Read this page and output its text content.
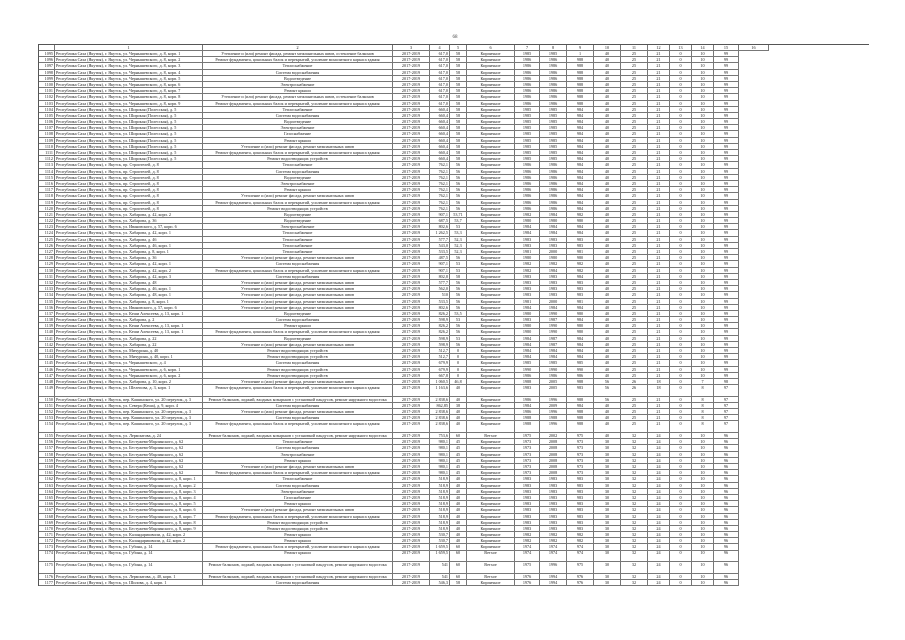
68
1	2	3	4	5	6	7	8	9	10	11	12	13	14	15	16
1095 Республика Саха (Якутия), г. Якутск, ул. Чернышевского, д. 8, корп. 1	Утепление и (или) ремонт фасада, ремонт межпанельных швов, остекление балконов	2017-2019	617,0	58	Кирпичное	1985	1985	1	40	25	21	0	10	99
1096 Республика Саха (Якутия), г. Якутск, ул. Чернышевского, д. 8, корп. 2	Ремонт фундамента, цокольных балок и перекрытий, усиление монолитного каркаса здания	2017-2019	617,0	58	Кирпичное	1986	1986	988	40	25	21	0	10	99
1097 Республика Саха (Якутия), г. Якутск, ул. Чернышевского, д. 8, корп. 3	Теплоснабжение	2017-2019	617,0	58	Кирпичное	1986	1986	988	40	25	21	0	10	99
1098 Республика Саха (Якутия), г. Якутск, ул. Чернышевского, д. 8, корп. 4	Система водоснабжения	2017-2019	617,0	58	Кирпичное	1986	1986	988	40	25	21	0	10	99
1099 Республика Саха (Якутия), г. Якутск, ул. Чернышевского, д. 8, корп. 5	Водоотведение	2017-2019	617,0	58	Кирпичное	1986	1986	988	40	25	21	0	10	99
1100 Республика Саха (Якутия), г. Якутск, ул. Чернышевского, д. 8, корп. 6	Электроснабжение	2017-2019	617,0	58	Кирпичное	1986	1986	988	40	25	21	0	10	99
1101 Республика Саха (Якутия), г. Якутск, ул. Чернышевского, д. 8, корп. 7	Ремонт крыши	2017-2019	617,0	58	Кирпичное	1986	1986	988	40	25	21	0	10	99
1102 Республика Саха (Якутия), г. Якутск, ул. Чернышевского, д. 8, корп. 8	Утепление и (или) ремонт фасада, ремонт межпанельных швов, остекление балконов	2017-2019	617,0	58	Кирпичное	1986	1986	988	40	25	21	0	10	99
1103 Республика Саха (Якутия), г. Якутск, ул. Чернышевского, д. 8, корп. 9	Ремонт фундамента, цокольных балок и перекрытий, усиление монолитного каркаса здания	2017-2019	617,0	58	Кирпичное	1986	1986	988	40	25	21	0	10	99
1104 Республика Саха (Якутия), г. Якутск, ул. Широкая (Полесская), д. 5	Теплоснабжение	2017-2019	660,4	58	Кирпичное	1985	1985	984	40	25	21	0	10	99
1105 Республика Саха (Якутия), г. Якутск, ул. Широкая (Полесская), д. 5	Система водоснабжения	2017-2019	660,4	58	Кирпичное	1985	1985	984	40	25	21	0	10	99
1106 Республика Саха (Якутия), г. Якутск, ул. Широкая (Полесская), д. 5	Водоотведение	2017-2019	660,4	58	Кирпичное	1985	1985	984	40	25	21	0	10	99
1107 Республика Саха (Якутия), г. Якутск, ул. Широкая (Полесская), д. 5	Электроснабжение	2017-2019	660,4	58	Кирпичное	1985	1985	984	40	25	21	0	10	99
1108 Республика Саха (Якутия), г. Якутск, ул. Широкая (Полесская), д. 5	Газоснабжение	2017-2019	660,4	58	Кирпичное	1985	1985	984	40	25	21	0	10	99
1109 Республика Саха (Якутия), г. Якутск, ул. Широкая (Полесская), д. 5	Ремонт крыши	2017-2019	660,4	58	Кирпичное	1985	1985	984	40	25	21	0	10	99
1110 Республика Саха (Якутия), г. Якутск, ул. Широкая (Полесская), д. 5	Утепление и (или) ремонт фасада, ремонт межпанельных швов	2017-2019	660,4	58	Кирпичное	1985	1985	984	40	25	21	0	10	99
1111 Республика Саха (Якутия), г. Якутск, ул. Широкая (Полесская), д. 5	Ремонт фундамента, цокольных балок и перекрытий, усиление монолитного каркаса здания	2017-2019	660,4	58	Кирпичное	1985	1985	984	40	25	21	0	10	99
1112 Республика Саха (Якутия), г. Якутск, ул. Широкая (Полесская), д. 5	Ремонт водоотводящих устройств	2017-2019	660,4	58	Кирпичное	1985	1985	984	40	25	21	0	10	99
1113 Республика Саха (Якутия), г. Якутск, пр. Строителей, д. 8	Теплоснабжение	2017-2019	762,1	56	Кирпичное	1986	1986	984	40	25	21	0	10	99
1114 Республика Саха (Якутия), г. Якутск, пр. Строителей, д. 8	Система водоснабжения	2017-2019	762,1	56	Кирпичное	1986	1986	984	40	25	21	0	10	99
1115 Республика Саха (Якутия), г. Якутск, пр. Строителей, д. 8	Водоотведение	2017-2019	762,1	56	Кирпичное	1986	1986	984	40	25	21	0	10	99
1116 Республика Саха (Якутия), г. Якутск, пр. Строителей, д. 8	Электроснабжение	2017-2019	762,1	56	Кирпичное	1986	1986	984	40	25	21	0	10	99
1117 Республика Саха (Якутия), г. Якутск, пр. Строителей, д. 8	Ремонт крыши	2017-2019	762,1	56	Кирпичное	1986	1986	984	40	25	21	0	10	99
1118 Республика Саха (Якутия), г. Якутск, пр. Строителей, д. 8	Утепление и (или) ремонт фасада, ремонт межпанельных швов	2017-2019	762,1	56	Кирпичное	1986	1986	984	40	25	21	0	10	99
1119 Республика Саха (Якутия), г. Якутск, пр. Строителей, д. 8	Ремонт фундамента, цокольных балок и перекрытий, усиление монолитного каркаса здания	2017-2019	762,1	56	Кирпичное	1986	1986	984	40	25	21	0	10	99
1120 Республика Саха (Якутия), г. Якутск, пр. Строителей, д. 8	Ремонт водоотводящих устройств	2017-2019	762,1	56	Кирпичное	1986	1986	984	40	25	21	0	10	99
1121 Республика Саха (Якутия), г. Якутск, ул. Хабарова, д. 42, корп. 2	Водоотведение	2017-2019	907,1	53,71	Кирпичное	1982	1984	982	40	25	21	0	10	99
1122 Республика Саха (Якутия), г. Якутск, ул. Хабарова, д. 36	Водоотведение	2017-2019	687,5	53,7	Кирпичное	1980	1980	980	40	25	21	0	10	99
1123 Республика Саха (Якутия), г. Якутск, ул. Ивановского, д. 57, корп. 6	Электроснабжение	2017-2019	802,6	53	Кирпичное	1984	1984	984	40	25	21	0	10	99
1124 Республика Саха (Якутия), г. Якутск, ул. Хабарова, д. 42, корп. 1	Теплоснабжение	2017-2019	1 262,5	53,3	Кирпичное	1984	1984	984	40	25	21	0	10	99
1125 Республика Саха (Якутия), г. Якутск, ул. Хабарова, д. 46	Теплоснабжение	2017-2019	577,7	52,3	Кирпичное	1983	1983	983	40	25	21	0	10	99
1126 Республика Саха (Якутия), г. Якутск, ул. Хабарова, д. 46, корп. 1	Теплоснабжение	2017-2019	543,0	52,3	Кирпичное	1983	1983	983	40	25	21	0	10	99
1127 Республика Саха (Якутия), г. Якутск, ул. Хабарова, д. 8, корп. 1	Теплоснабжение	2017-2019	533,5	52,3	Кирпичное	1981	2000	981	40	25	21	0	10	99
1128 Республика Саха (Якутия), г. Якутск, ул. Хабарова, д. 36	Утепление и (или) ремонт фасада, ремонт межпанельных швов	2017-2019	487,5	56	Кирпичное	1980	1980	980	40	25	21	0	10	99
1129 Республика Саха (Якутия), г. Якутск, ул. Хабарова, д. 42, корп. 1	Система водоснабжения	2017-2019	907,1	53	Кирпичное	1982	1982	982	40	25	21	0	10	99
1130 Республика Саха (Якутия), г. Якутск, ул. Хабарова, д. 42, корп. 2	Ремонт фундамента, цокольных балок и перекрытий, усиление монолитного каркаса здания	2017-2019	907,1	53	Кирпичное	1982	1984	982	40	25	21	0	10	99
1131 Республика Саха (Якутия), г. Якутск, ул. Хабарова, д. 42, корп. 3	Система водоснабжения	2017-2019	802,8	58	Кирпичное	1983	1983	984	40	25	21	0	10	99
1132 Республика Саха (Якутия), г. Якутск, ул. Хабарова, д. 48	Утепление и (или) ремонт фасада, ремонт межпанельных швов	2017-2019	577,7	56	Кирпичное	1983	1983	983	40	25	21	0	10	99
1133 Республика Саха (Якутия), г. Якутск, ул. Хабарова, д. 46, корп. 1	Утепление и (или) ремонт фасада, ремонт межпанельных швов	2017-2019	562,0	56	Кирпичное	1983	1983	983	40	25	21	0	10	99
1134 Республика Саха (Якутия), г. Якутск, ул. Хабарова, д. 48, корп. 1	Утепление и (или) ремонт фасада, ремонт межпанельных швов	2017-2019	510	56	Кирпичное	1983	1983	983	40	25	21	0	10	99
1135 Республика Саха (Якутия), г. Якутск, ул. Хабарова, д. 8, корп. 1	Утепление и (или) ремонт фасада, ремонт межпанельных швов	2017-2019	533,5	56	Кирпичное	1981	2000	981	40	25	21	0	10	99
1136 Республика Саха (Якутия), г. Якутск, ул. Ивановского, д. 57, корп. 6	Утепление и (или) ремонт фасада, ремонт межпанельных швов	2017-2019	802,6	56	Кирпичное	1984	1984	984	40	25	21	0	10	99
1137 Республика Саха (Якутия), г. Якутск, ул. Кеши Алексеева, д. 13, корп. 1	Водоотведение	2017-2019	826,2	53,5	Кирпичное	1980	1990	980	40	25	21	0	10	99
1138 Республика Саха (Якутия), г. Якутск, ул. Хабарова, д. 2	Система водоснабжения	2017-2019	598,9	53	Кирпичное	1983	1987	984	40	25	21	0	10	99
1139 Республика Саха (Якутия), г. Якутск, ул. Кеши Алексеева, д. 13, корп. 1	Ремонт крыши	2017-2019	826,2	56	Кирпичное	1980	1990	980	40	25	21	0	10	99
1140 Республика Саха (Якутия), г. Якутск, ул. Кеши Алексеева, д. 13, корп. 1	Ремонт фундамента, цокольных балок и перекрытий, усиление монолитного каркаса здания	2017-2019	826,2	56	Кирпичное	1980	1990	980	40	25	21	0	10	99
1141 Республика Саха (Якутия), г. Якутск, ул. Хабарова, д. 22	Водоотведение	2017-2019	598,9	53	Кирпичное	1984	1987	984	40	25	21	0	10	99
1142 Республика Саха (Якутия), г. Якутск, ул. Хабарова, д. 22	Утепление и (или) ремонт фасада, ремонт межпанельных швов	2017-2019	598,9	56	Кирпичное	1984	1987	984	40	25	21	0	10	99
1143 Республика Саха (Якутия), г. Якутск, ул. Мичурина, д. 40	Ремонт водоотводящих устройств	2017-2019	512,7	0	Кирпичное	1984	1984	984	40	25	21	0	10	99
1144 Республика Саха (Якутия), г. Якутск, ул. Мичурина, д. 40, корп. 1	Ремонт водоотводящих устройств	2017-2019	512,7	0	Кирпичное	1984	1984	984	40	25	21	0	10	99
1145 Республика Саха (Якутия), г. Якутск, ул. Чернышевского, д. 4	Система водоснабжения	2017-2019	679,9	0	Кирпичное	1985	1985	985	40	25	21	0	10	99
1146 Республика Саха (Якутия), г. Якутск, ул. Чернышевского, д. 6, корп. 1	Ремонт водоотводящих устройств	2017-2019	679,9	0	Кирпичное	1990	1990	990	40	25	21	0	10	99
1147 Республика Саха (Якутия), г. Якутск, ул. Чернышевского, д. 6, корп. 2	Ремонт водоотводящих устройств	2017-2019	667,8	0	Кирпичное	1986	1986	986	40	25	21	0	10	99
1148 Республика Саха (Якутия), г. Якутск, ул. Хабарова, д. 10, корп. 2	Утепление и (или) ремонт фасада, ремонт межпанельных швов	2017-2019	1 060,5	46,8	Кирпичное	1988	2005	988	56	26	18	0	7	98
1149 Республика Саха (Якутия), г. Якутск, ул. Шелепова, д. 3, корп. 1	Ремонт фундамента, цокольных балок и перекрытий, усиление монолитного каркаса здания	2017-2019	1 163,6	40	Кирпичное	1983	2005	983	56	26	18	0	8	97
1150 Республика Саха (Якутия), г. Якутск, пер. Кашинского, ул. 20 переулок, д. 3	Ремонт балконов, лоджий, входных козырьков с установкой пандусов, ремонт наружного водостока	2017-2019	2 838,6	40	Кирпичное	1986	1996	988	56	25	21	0	8	97
1151 Республика Саха (Якутия), г. Якутск, ул. Севера (Кеша), д. 9, корп. 4	Система водоснабжения	2017-2019	862,85	38	Кирпичное	1984	2009	984	40	25	21	0	8	97
1152 Республика Саха (Якутия), г. Якутск, пер. Кашинского, ул. 20 переулок, д. 3	Утепление и (или) ремонт фасада, ремонт межпанельных швов	2017-2019	2 838,6	40	Кирпичное	1986	1996	988	40	25	21	0	8	97
1153 Республика Саха (Якутия), г. Якутск, пер. Кашинского, ул. 20 переулок, д. 3	Система водоснабжения	2017-2019	2 838,6	40	Кирпичное	1988	1988	988	40	25	21	0	8	97
1154 Республика Саха (Якутия), г. Якутск, пер. Кашинского, ул. 20 переулок, д. 3	Ремонт фундамента, цокольных балок и перекрытий, усиление монолитного каркаса здания	2017-2019	2 838,6	40	Кирпичное	1988	1996	988	40	25	21	0	8	97
1155 Республика Саха (Якутия), г. Якутск, ул. Лермонтова, д. 24	Ремонт балконов, лоджий, входных козырьков с установкой пандусов, ремонт наружного водостока	2017-2019	753,6	60	Ветхое	1975	2002	975	40	32	24	0	10	96
1156 Республика Саха (Якутия), г. Якутск, ул. Бестужева-Марлинского, д. 62	Теплоснабжение	2017-2019	980,1	45	Кирпичное	1973	2008	973	30	32	24	0	10	96
1157 Республика Саха (Якутия), г. Якутск, ул. Бестужева-Марлинского, д. 62	Система водоснабжения	2017-2019	980,1	45	Кирпичное	1973	2008	973	30	32	24	0	10	96
1158 Республика Саха (Якутия), г. Якутск, ул. Бестужева-Марлинского, д. 62	Электроснабжение	2017-2019	980,1	45	Кирпичное	1973	2008	973	30	32	24	0	10	96
1159 Республика Саха (Якутия), г. Якутск, ул. Бестужева-Марлинского, д. 62	Ремонт крыши	2017-2019	980,1	45	Кирпичное	1973	2008	973	30	32	24	0	10	96
1160 Республика Саха (Якутия), г. Якутск, ул. Бестужева-Марлинского, д. 62	Утепление и (или) ремонт фасада, ремонт межпанельных швов	2017-2019	980,1	45	Кирпичное	1973	2008	973	30	32	24	0	10	96
1161 Республика Саха (Якутия), г. Якутск, ул. Бестужева-Марлинского, д. 62	Ремонт фундамента, цокольных балок и перекрытий, усиление монолитного каркаса здания	2017-2019	980,1	45	Кирпичное	1973	2008	973	30	32	24	0	10	96
1162 Республика Саха (Якутия), г. Якутск, ул. Бестужева-Марлинского, д. 8, корп. 1	Теплоснабжение	2017-2019	518,9	40	Кирпичное	1983	1983	983	30	32	24	0	10	96
1163 Республика Саха (Якутия), г. Якутск, ул. Бестужева-Марлинского, д. 8, корп. 2	Система водоснабжения	2017-2019	518,9	40	Кирпичное	1983	1983	983	30	32	24	0	10	96
1164 Республика Саха (Якутия), г. Якутск, ул. Бестужева-Марлинского, д. 8, корп. 3	Электроснабжение	2017-2019	518,9	40	Кирпичное	1983	1983	983	30	32	24	0	10	96
1165 Республика Саха (Якутия), г. Якутск, ул. Бестужева-Марлинского, д. 8, корп. 4	Газоснабжение	2017-2019	518,9	40	Кирпичное	1983	1983	983	30	32	24	0	10	96
1166 Республика Саха (Якутия), г. Якутск, ул. Бестужева-Марлинского, д. 8, корп. 5	Ремонт крыши	2017-2019	518,9	40	Кирпичное	1983	1983	983	30	32	24	0	10	96
1167 Республика Саха (Якутия), г. Якутск, ул. Бестужева-Марлинского, д. 8, корп. 6	Утепление и (или) ремонт фасада, ремонт межпанельных швов	2017-2019	518,9	40	Кирпичное	1983	1983	983	30	32	24	0	10	96
1168 Республика Саха (Якутия), г. Якутск, ул. Бестужева-Марлинского, д. 8, корп. 7	Ремонт фундамента, цокольных балок и перекрытий, усиление монолитного каркаса здания	2017-2019	518,9	40	Кирпичное	1983	1983	983	30	32	24	0	10	96
1169 Республика Саха (Якутия), г. Якутск, ул. Бестужева-Марлинского, д. 8, корп. 8	Ремонт водоотводящих устройств	2017-2019	518,9	40	Кирпичное	1983	1983	983	30	32	24	0	10	96
1170 Республика Саха (Якутия), г. Якутск, ул. Бестужева-Марлинского, д. 8, корп. 9	Ремонт водоотводящих устройств	2017-2019	518,9	40	Кирпичное	1983	1983	983	30	32	24	0	10	96
1171 Республика Саха (Якутия), г. Якутск, ул. Каландаришвили, д. 42, корп. 2	Ремонт крыши	2017-2019	530,7	40	Кирпичное	1982	1982	982	30	32	24	0	10	96
1172 Республика Саха (Якутия), г. Якутск, ул. Каландаришвили, д. 42, корп. 2	Ремонт крыши	2017-2019	530,7	40	Кирпичное	1982	1982	982	30	32	24	0	10	96
1173 Республика Саха (Якутия), г. Якутск, ул. Губина, д. 14	Ремонт фундамента, цокольных балок и перекрытий, усиление монолитного каркаса здания	2017-2019	1 659,5	60	Кирпичное	1974	1974	974	30	32	24	0	10	96
1174 Республика Саха (Якутия), г. Якутск, ул. Губина, д. 14	Ремонт крыши	2017-2019	1 659,5	60	Ветхое	1974	1974	974	30	32	24	0	10	96
1175 Республика Саха (Якутия), г. Якутск, ул. Губина, д. 14	Ремонт балконов, лоджий, входных козырьков с установкой пандусов, ремонт наружного водостока	2017-2019	541	60	Ветхое	1975	1996	975	30	32	24	0	10	96
1176 Республика Саха (Якутия), г. Якутск, ул. Лермонтова, д. 40, корп. 1	Ремонт балконов, лоджий, входных козырьков с установкой пандусов, ремонт наружного водостока	2017-2019	541	60	Ветхое	1976	1994	976	30	32	24	0	10	96
1177 Республика Саха (Якутия), г. Якутск, ул. Шилова, д. 4, корп. 1	Система водоснабжения	2017-2019	546,3	58	Кирпичное	1976	1994	976	30	32	24	0	10	96
